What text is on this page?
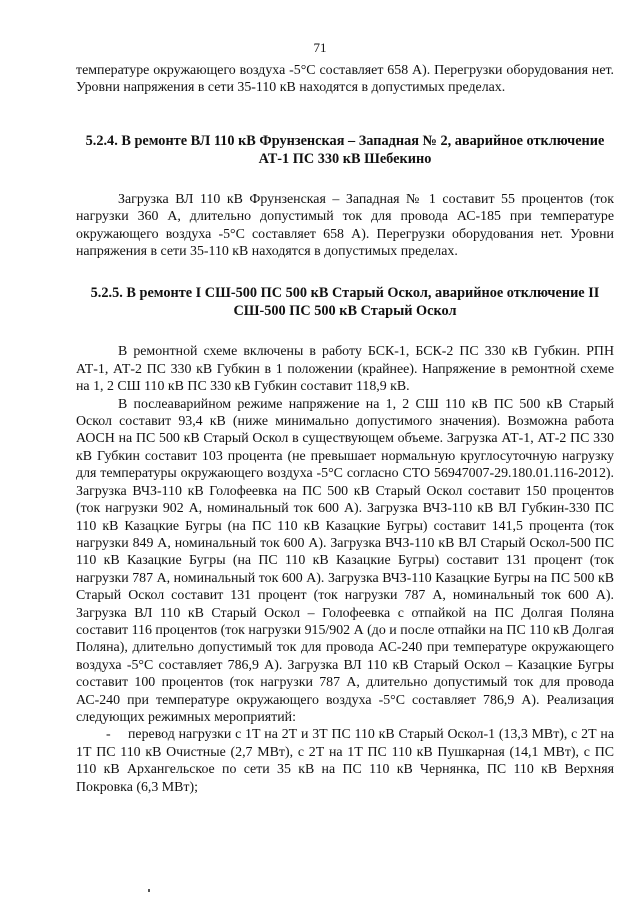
71

температуре окружающего воздуха -5°С составляет 658 А). Перегрузки оборудования нет. Уровни напряжения в сети 35-110 кВ находятся в допустимых пределах.

5.2.4. В ремонте ВЛ 110 кВ Фрунзенская – Западная № 2, аварийное отключение АТ-1 ПС 330 кВ Шебекино

Загрузка ВЛ 110 кВ Фрунзенская – Западная № 1 составит 55 процентов (ток нагрузки 360 А, длительно допустимый ток для провода АС-185 при температуре окружающего воздуха -5°С составляет 658 А). Перегрузки оборудования нет. Уровни напряжения в сети 35-110 кВ находятся в допустимых пределах.

5.2.5. В ремонте I СШ-500 ПС 500 кВ Старый Оскол, аварийное отключение II СШ-500 ПС 500 кВ Старый Оскол

В ремонтной схеме включены в работу БСК-1, БСК-2 ПС 330 кВ Губкин. РПН АТ-1, АТ-2 ПС 330 кВ Губкин в 1 положении (крайнее). Напряжение в ремонтной схеме на 1, 2 СШ 110 кВ ПС 330 кВ Губкин составит 118,9 кВ.

В послеаварийном режиме напряжение на 1, 2 СШ 110 кВ ПС 500 кВ Старый Оскол составит 93,4 кВ (ниже минимально допустимого значения). Возможна работа АОСН на ПС 500 кВ Старый Оскол в существующем объеме. Загрузка АТ-1, АТ-2 ПС 330 кВ Губкин составит 103 процента (не превышает нормальную круглосуточную нагрузку для температуры окружающего воздуха -5°С согласно СТО 56947007-29.180.01.116-2012). Загрузка ВЧЗ-110 кВ Голофеевка на ПС 500 кВ Старый Оскол составит 150 процентов (ток нагрузки 902 А, номинальный ток 600 А). Загрузка ВЧЗ-110 кВ ВЛ Губкин-330 ПС 110 кВ Казацкие Бугры (на ПС 110 кВ Казацкие Бугры) составит 141,5 процента (ток нагрузки 849 А, номинальный ток 600 А). Загрузка ВЧЗ-110 кВ ВЛ Старый Оскол-500 ПС 110 кВ Казацкие Бугры (на ПС 110 кВ Казацкие Бугры) составит 131 процент (ток нагрузки 787 А, номинальный ток 600 А). Загрузка ВЧЗ-110 Казацкие Бугры на ПС 500 кВ Старый Оскол составит 131 процент (ток нагрузки 787 А, номинальный ток 600 А). Загрузка ВЛ 110 кВ Старый Оскол – Голофеевка с отпайкой на ПС Долгая Поляна составит 116 процентов (ток нагрузки 915/902 А (до и после отпайки на ПС 110 кВ Долгая Поляна), длительно допустимый ток для провода АС-240 при температуре окружающего воздуха -5°С составляет 786,9 А). Загрузка ВЛ 110 кВ Старый Оскол – Казацкие Бугры составит 100 процентов (ток нагрузки 787 А, длительно допустимый ток для провода АС-240 при температуре окружающего воздуха -5°С составляет 786,9 А). Реализация следующих режимных мероприятий:

- перевод нагрузки с 1Т на 2Т и 3Т ПС 110 кВ Старый Оскол-1 (13,3 МВт), с 2Т на 1Т ПС 110 кВ Очистные (2,7 МВт), с 2Т на 1Т ПС 110 кВ Пушкарная (14,1 МВт), с ПС 110 кВ Архангельское по сети 35 кВ на ПС 110 кВ Чернянка, ПС 110 кВ Верхняя Покровка (6,3 МВт);
